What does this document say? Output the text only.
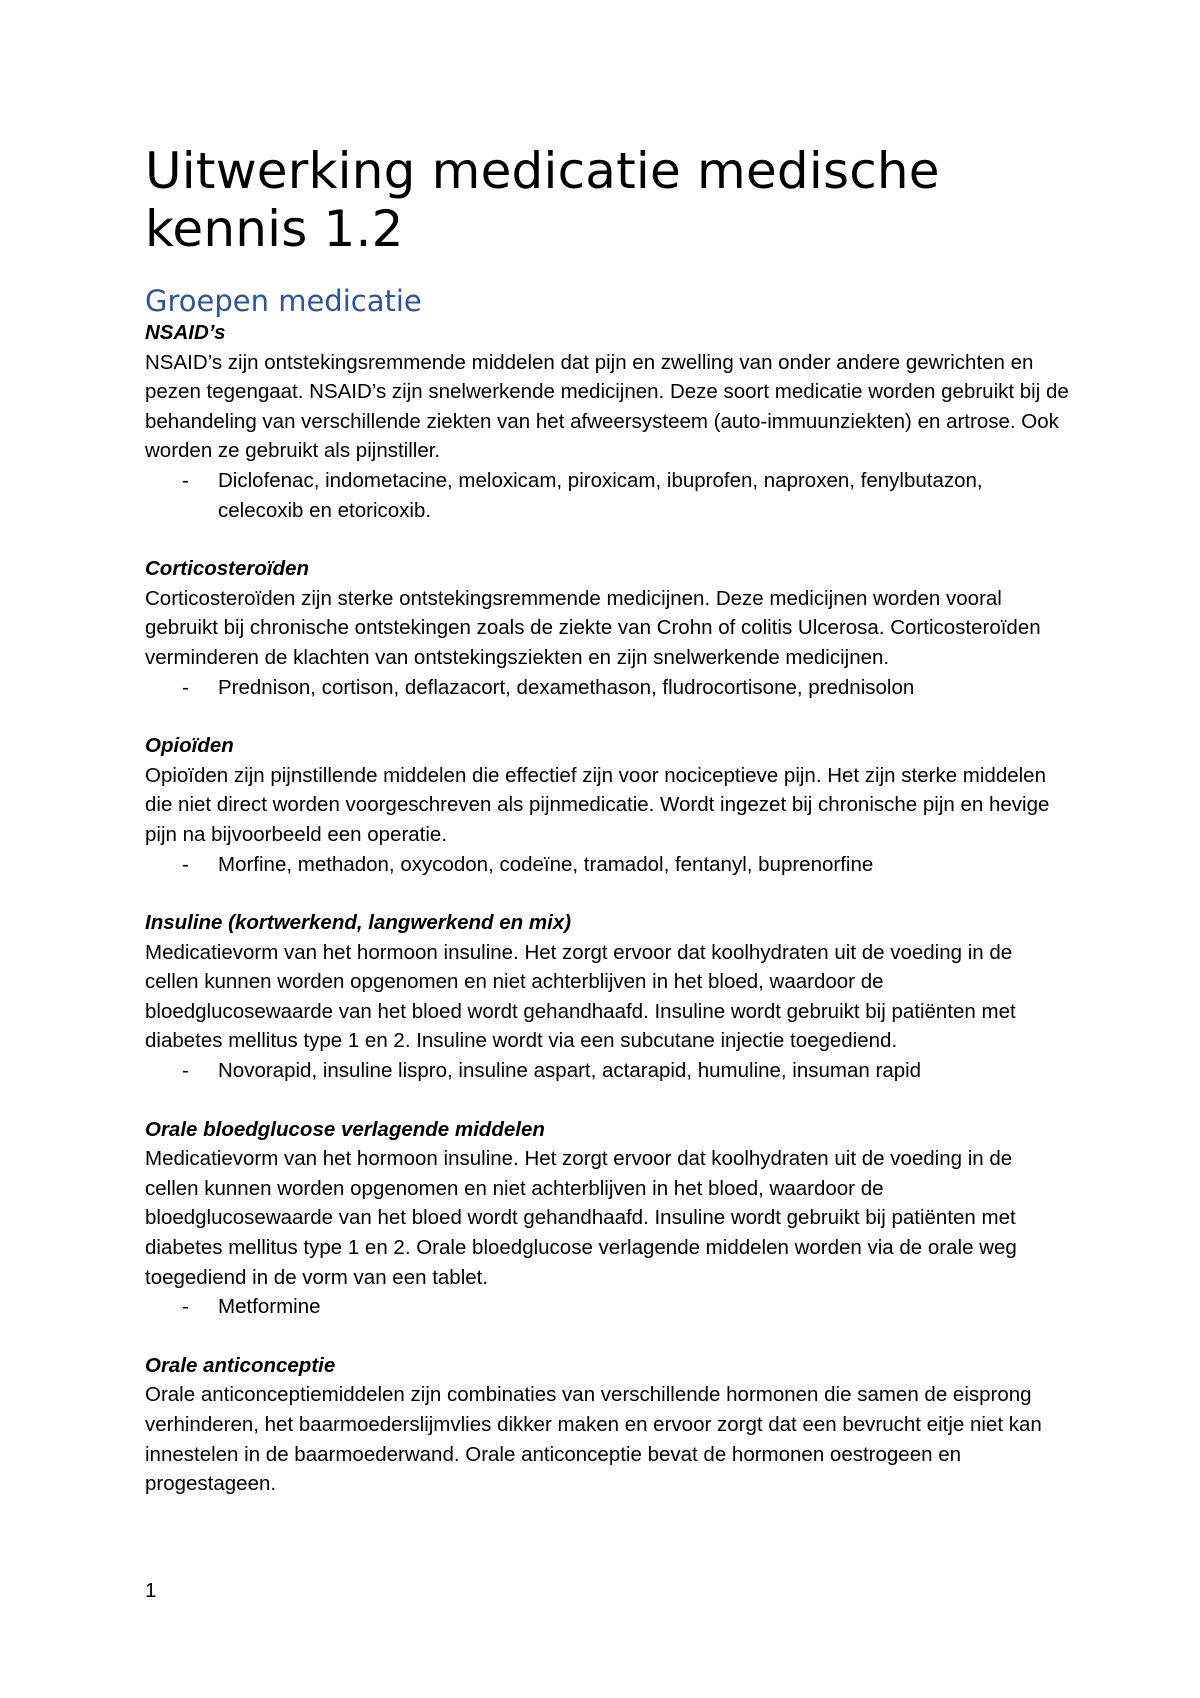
Uitwerking medicatie medische kennis 1.2
Groepen medicatie

NSAID’s

NSAID’s zijn ontstekingsremmende middelen dat pijn en zwelling van onder andere gewrichten en pezen tegengaat. NSAID’s zijn snelwerkende medicijnen. Deze soort medicatie worden gebruikt bij de behandeling van verschillende ziekten van het afweersysteem (auto-immuunziekten) en artrose. Ook worden ze gebruikt als pijnstiller.

-	Diclofenac, indometacine, meloxicam, piroxicam, ibuprofen, naproxen, fenylbutazon, celecoxib en etoricoxib.

Corticosteroïden

Corticosteroïden zijn sterke ontstekingsremmende medicijnen. Deze medicijnen worden vooral gebruikt bij chronische ontstekingen zoals de ziekte van Crohn of colitis Ulcerosa. Corticosteroïden verminderen de klachten van ontstekingsziekten en zijn snelwerkende medicijnen.

-	Prednison, cortison, deflazacort, dexamethason, fludrocortisone, prednisolon

Opioïden

Opioïden zijn pijnstillende middelen die effectief zijn voor nociceptieve pijn. Het zijn sterke middelen die niet direct worden voorgeschreven als pijnmedicatie. Wordt ingezet bij chronische pijn en hevige pijn na bijvoorbeeld een operatie.

-	Morfine, methadon, oxycodon, codeïne, tramadol, fentanyl, buprenorfine

Insuline (kortwerkend, langwerkend en mix)

Medicatievorm van het hormoon insuline. Het zorgt ervoor dat koolhydraten uit de voeding in de cellen kunnen worden opgenomen en niet achterblijven in het bloed, waardoor de bloedglucosewaarde van het bloed wordt gehandhaafd. Insuline wordt gebruikt bij patiënten met diabetes mellitus type 1 en 2. Insuline wordt via een subcutane injectie toegediend.

-	Novorapid, insuline lispro, insuline aspart, actarapid, humuline, insuman rapid

Orale bloedglucose verlagende middelen

Medicatievorm van het hormoon insuline. Het zorgt ervoor dat koolhydraten uit de voeding in de cellen kunnen worden opgenomen en niet achterblijven in het bloed, waardoor de bloedglucosewaarde van het bloed wordt gehandhaafd. Insuline wordt gebruikt bij patiënten met diabetes mellitus type 1 en 2. Orale bloedglucose verlagende middelen worden via de orale weg toegediend in de vorm van een tablet.

-	Metformine

Orale anticonceptie

Orale anticonceptiemiddelen zijn combinaties van verschillende hormonen die samen de eisprong verhinderen, het baarmoederslijmvlies dikker maken en ervoor zorgt dat een bevrucht eitje niet kan innestelen in de baarmoederwand. Orale anticonceptie bevat de hormonen oestrogeen en progestageen.

1
